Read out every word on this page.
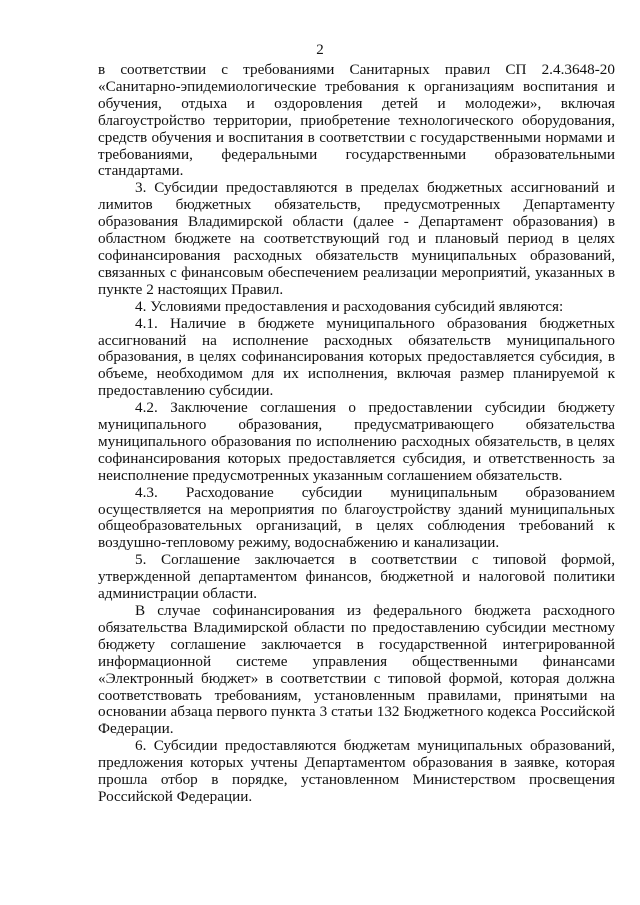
2

в соответствии с требованиями Санитарных правил СП 2.4.3648-20 «Санитарно-эпидемиологические требования к организациям воспитания и обучения, отдыха и оздоровления детей и молодежи», включая благоустройство территории, приобретение технологического оборудования, средств обучения и воспитания в соответствии с государственными нормами и требованиями, федеральными государственными образовательными стандартами.

3. Субсидии предоставляются в пределах бюджетных ассигнований и лимитов бюджетных обязательств, предусмотренных Департаменту образования Владимирской области (далее - Департамент образования) в областном бюджете на соответствующий год и плановый период в целях софинансирования расходных обязательств муниципальных образований, связанных с финансовым обеспечением реализации мероприятий, указанных в пункте 2 настоящих Правил.

4. Условиями предоставления и расходования субсидий являются:

4.1. Наличие в бюджете муниципального образования бюджетных ассигнований на исполнение расходных обязательств муниципального образования, в целях софинансирования которых предоставляется субсидия, в объеме, необходимом для их исполнения, включая размер планируемой к предоставлению субсидии.

4.2. Заключение соглашения о предоставлении субсидии бюджету муниципального образования, предусматривающего обязательства муниципального образования по исполнению расходных обязательств, в целях софинансирования которых предоставляется субсидия, и ответственность за неисполнение предусмотренных указанным соглашением обязательств.

4.3. Расходование субсидии муниципальным образованием осуществляется на мероприятия по благоустройству зданий муниципальных общеобразовательных организаций, в целях соблюдения требований к воздушно-тепловому режиму, водоснабжению и канализации.

5. Соглашение заключается в соответствии с типовой формой, утвержденной департаментом финансов, бюджетной и налоговой политики администрации области.

В случае софинансирования из федерального бюджета расходного обязательства Владимирской области по предоставлению субсидии местному бюджету соглашение заключается в государственной интегрированной информационной системе управления общественными финансами «Электронный бюджет» в соответствии с типовой формой, которая должна соответствовать требованиям, установленным правилами, принятыми на основании абзаца первого пункта 3 статьи 132 Бюджетного кодекса Российской Федерации.

6. Субсидии предоставляются бюджетам муниципальных образований, предложения которых учтены Департаментом образования в заявке, которая прошла отбор в порядке, установленном Министерством просвещения Российской Федерации.
